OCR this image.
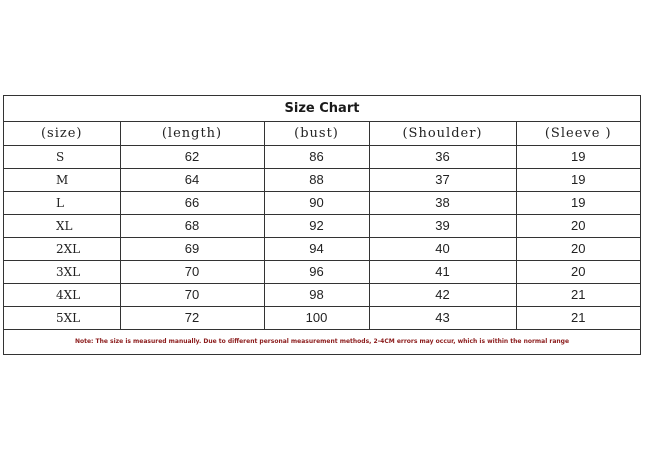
Size Chart
(size)	(length)	(bust)	(Shoulder)	(Sleeve )
S	62	86	36	19
M	64	88	37	19
L	66	90	38	19
XL	68	92	39	20
2XL	69	94	40	20
3XL	70	96	41	20
4XL	70	98	42	21
5XL	72	100	43	21
Note: The size is measured manually. Due to different personal measurement methods, 2-4CM errors may occur, which is within the normal range
